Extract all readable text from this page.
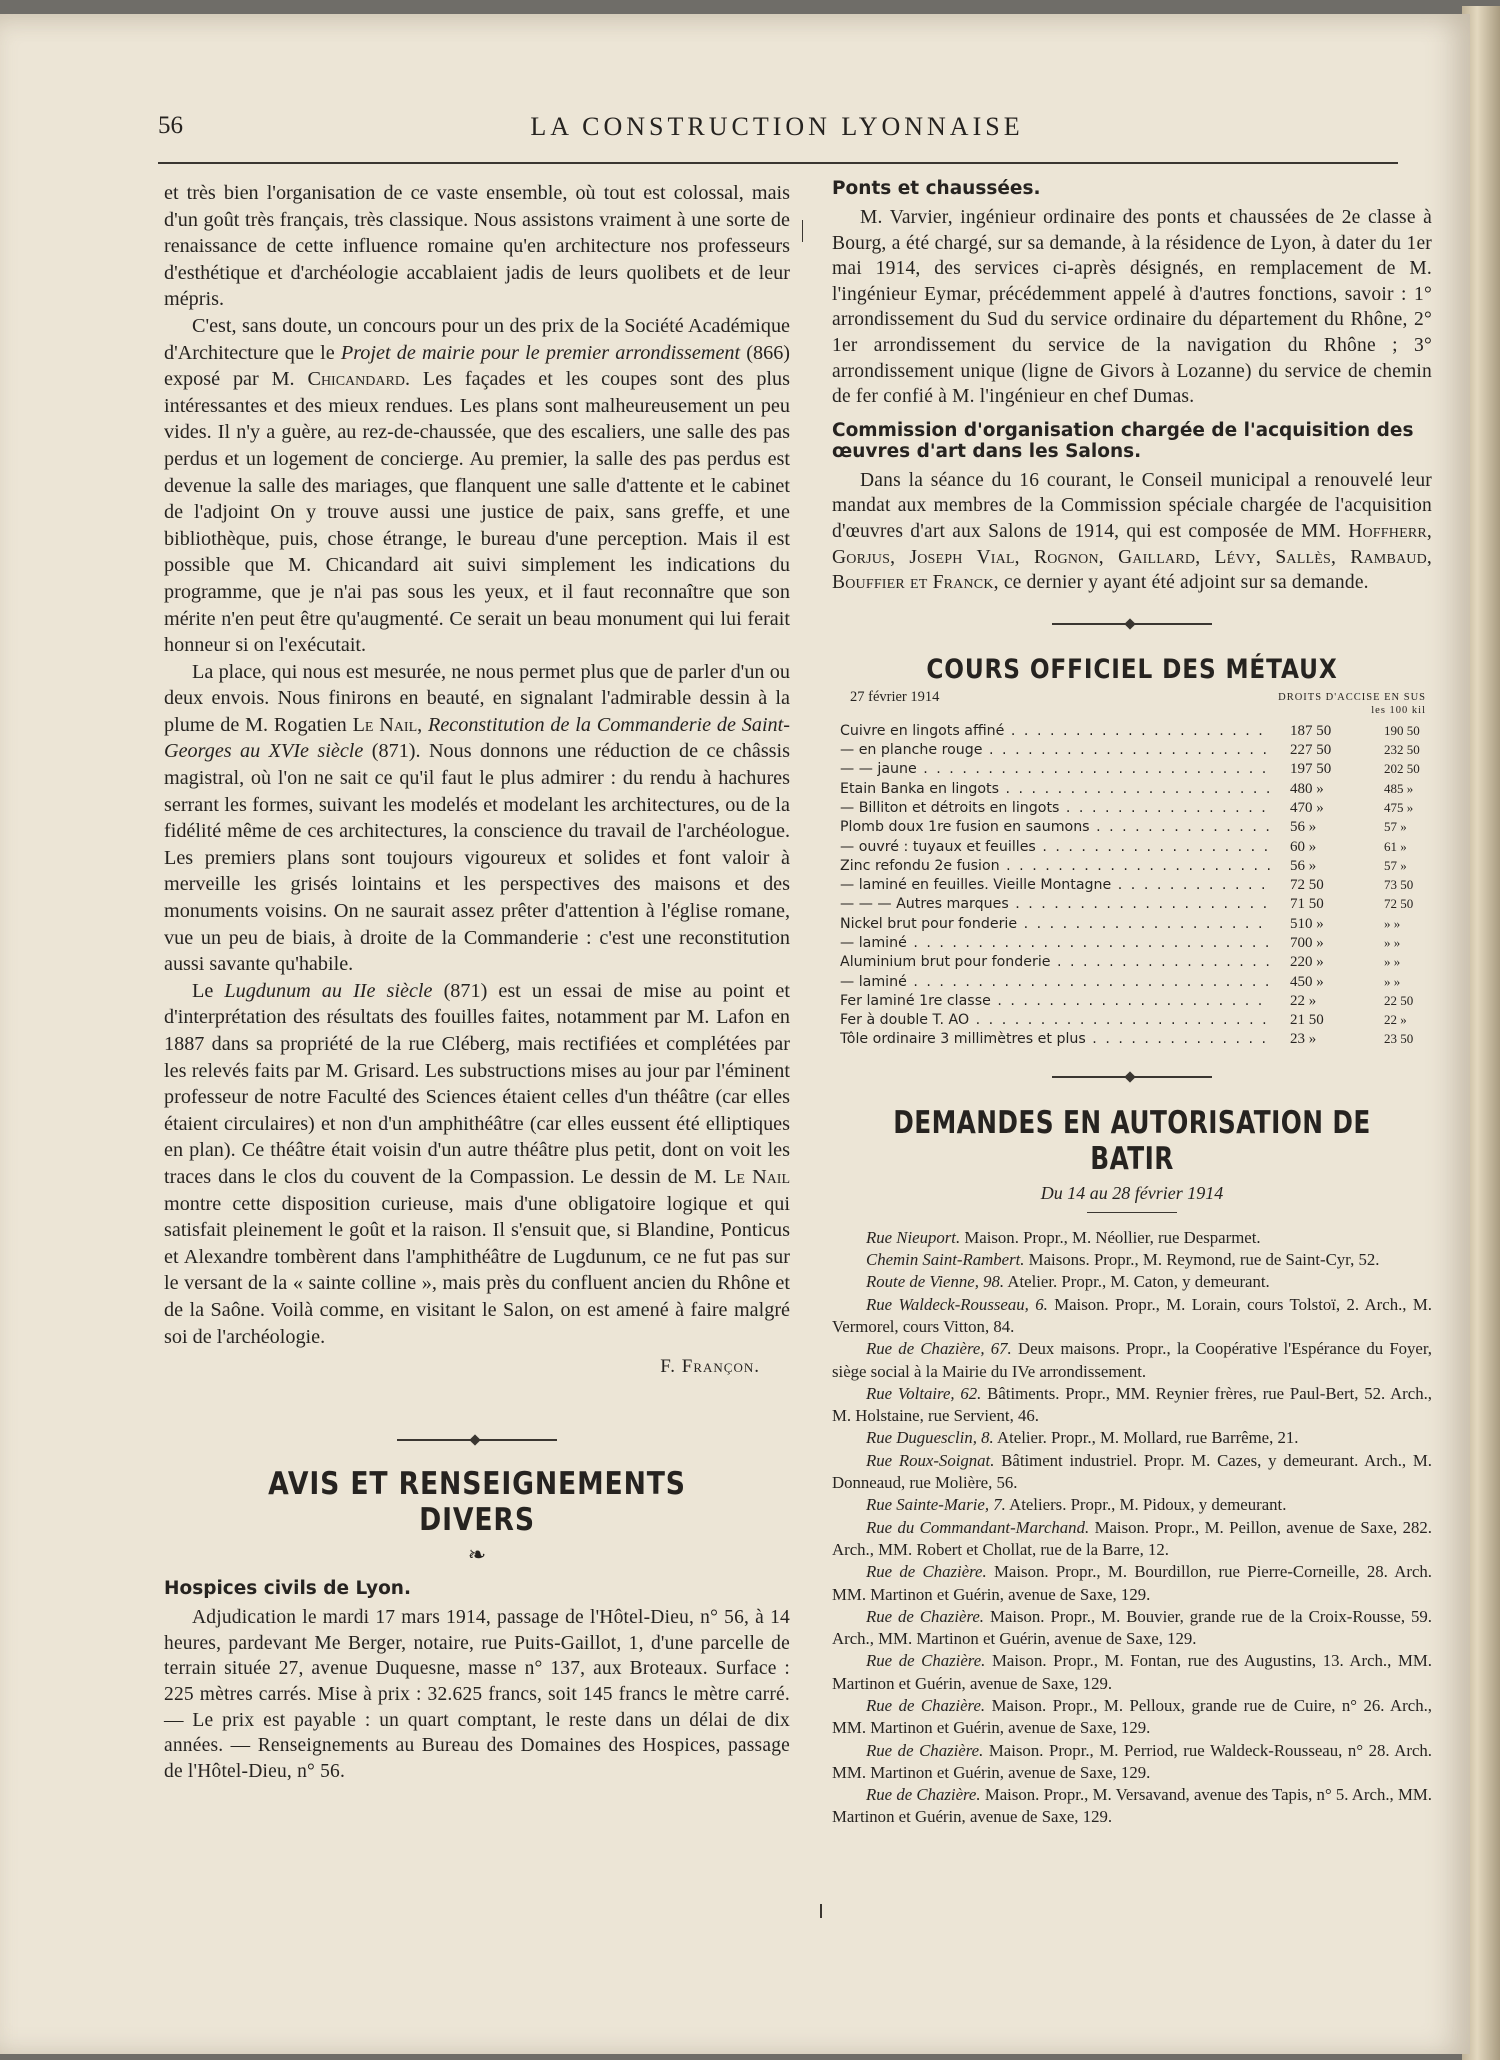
56	LA CONSTRUCTION LYONNAISE
et très bien l'organisation de ce vaste ensemble, où tout est colossal, mais d'un goût très français, très classique. Nous assistons vraiment à une sorte de renaissance de cette influence romaine qu'en architecture nos professeurs d'esthétique et d'archéologie accablaient jadis de leurs quolibets et de leur mépris.
C'est, sans doute, un concours pour un des prix de la Société Académique d'Architecture que le Projet de mairie pour le premier arrondissement (866) exposé par M. Chicandard. Les façades et les coupes sont des plus intéressantes et des mieux rendues. Les plans sont malheureusement un peu vides. Il n'y a guère, au rez-de-chaussée, que des escaliers, une salle des pas perdus et un logement de concierge. Au premier, la salle des pas perdus est devenue la salle des mariages, que flanquent une salle d'attente et le cabinet de l'adjoint On y trouve aussi une justice de paix, sans greffe, et une bibliothèque, puis, chose étrange, le bureau d'une perception. Mais il est possible que M. Chicandard ait suivi simplement les indications du programme, que je n'ai pas sous les yeux, et il faut reconnaître que son mérite n'en peut être qu'augmenté. Ce serait un beau monument qui lui ferait honneur si on l'exécutait.
La place, qui nous est mesurée, ne nous permet plus que de parler d'un ou deux envois. Nous finirons en beauté, en signalant l'admirable dessin à la plume de M. Rogatien Le Nail, Reconstitution de la Commanderie de Saint-Georges au XVIe siècle (871). Nous donnons une réduction de ce châssis magistral, où l'on ne sait ce qu'il faut le plus admirer : du rendu à hachures serrant les formes, suivant les modelés et modelant les architectures, ou de la fidélité même de ces architectures, la conscience du travail de l'archéologue. Les premiers plans sont toujours vigoureux et solides et font valoir à merveille les grisés lointains et les perspectives des maisons et des monuments voisins. On ne saurait assez prêter d'attention à l'église romane, vue un peu de biais, à droite de la Commanderie : c'est une reconstitution aussi savante qu'habile.
Le Lugdunum au IIe siècle (871) est un essai de mise au point et d'interprétation des résultats des fouilles faites, notamment par M. Lafon en 1887 dans sa propriété de la rue Cléberg, mais rectifiées et complétées par les relevés faits par M. Grisard. Les substructions mises au jour par l'éminent professeur de notre Faculté des Sciences étaient celles d'un théâtre (car elles étaient circulaires) et non d'un amphithéâtre (car elles eussent été elliptiques en plan). Ce théâtre était voisin d'un autre théâtre plus petit, dont on voit les traces dans le clos du couvent de la Compassion. Le dessin de M. Le Nail montre cette disposition curieuse, mais d'une obligatoire logique et qui satisfait pleinement le goût et la raison. Il s'ensuit que, si Blandine, Ponticus et Alexandre tombèrent dans l'amphithéâtre de Lugdunum, ce ne fut pas sur le versant de la « sainte colline », mais près du confluent ancien du Rhône et de la Saône. Voilà comme, en visitant le Salon, on est amené à faire malgré soi de l'archéologie.
F. Françon.
AVIS ET RENSEIGNEMENTS DIVERS
❧
Hospices civils de Lyon.
Adjudication le mardi 17 mars 1914, passage de l'Hôtel-Dieu, n° 56, à 14 heures, pardevant Me Berger, notaire, rue Puits-Gaillot, 1, d'une parcelle de terrain située 27, avenue Duquesne, masse n° 137, aux Broteaux. Surface : 225 mètres carrés. Mise à prix : 32.625 francs, soit 145 francs le mètre carré. — Le prix est payable : un quart comptant, le reste dans un délai de dix années. — Renseignements au Bureau des Domaines des Hospices, passage de l'Hôtel-Dieu, n° 56.
Ponts et chaussées.
M. Varvier, ingénieur ordinaire des ponts et chaussées de 2e classe à Bourg, a été chargé, sur sa demande, à la résidence de Lyon, à dater du 1er mai 1914, des services ci-après désignés, en remplacement de M. l'ingénieur Eymar, précédemment appelé à d'autres fonctions, savoir : 1° arrondissement du Sud du service ordinaire du département du Rhône, 2° 1er arrondissement du service de la navigation du Rhône ; 3° arrondissement unique (ligne de Givors à Lozanne) du service de chemin de fer confié à M. l'ingénieur en chef Dumas.
Commission d'organisation chargée de l'acquisition des œuvres d'art dans les Salons.
Dans la séance du 16 courant, le Conseil municipal a renouvelé leur mandat aux membres de la Commission spéciale chargée de l'acquisition d'œuvres d'art aux Salons de 1914, qui est composée de MM. Hoffherr, Gorjus, Joseph Vial, Rognon, Gaillard, Lévy, Sallès, Rambaud, Bouffier et Franck, ce dernier y ayant été adjoint sur sa demande.
COURS OFFICIEL DES MÉTAUX
27 février 1914	DROITS D'ACCISE EN SUS
les 100 kil
Cuivre en lingots affiné . . .	187 50	190 50
— en planche rouge . . .	227 50	232 50
— — jaune . . .	197 50	202 50
Etain Banka en lingots . . .	480 »	485 »
— Billiton et détroits en lingots . . .	470 »	475 »
Plomb doux 1re fusion en saumons . . .	56 »	57 »
— ouvré : tuyaux et feuilles . . .	60 »	61 »
Zinc refondu 2e fusion . . .	56 »	57 »
— laminé en feuilles. Vieille Montagne . . .	72 50	73 50
— — — Autres marques . . .	71 50	72 50
Nickel brut pour fonderie . . .	510 »	» »
— laminé . . .	700 »	» »
Aluminium brut pour fonderie . . .	220 »	» »
— laminé . . .	450 »	» »
Fer laminé 1re classe . . .	22 »	22 50
Fer à double T. AO . . .	21 50	22 »
Tôle ordinaire 3 millimètres et plus . . .	23 »	23 50
DEMANDES EN AUTORISATION DE BATIR
Du 14 au 28 février 1914

Rue Nieuport. Maison. Propr., M. Néollier, rue Desparmet.

Chemin Saint-Rambert. Maisons. Propr., M. Reymond, rue de Saint-Cyr, 52.

Route de Vienne, 98. Atelier. Propr., M. Caton, y demeurant.

Rue Waldeck-Rousseau, 6. Maison. Propr., M. Lorain, cours Tolstoï, 2. Arch., M. Vermorel, cours Vitton, 84.

Rue de Chazière, 67. Deux maisons. Propr., la Coopérative l'Espérance du Foyer, siège social à la Mairie du IVe arrondissement.

Rue Voltaire, 62. Bâtiments. Propr., MM. Reynier frères, rue Paul-Bert, 52. Arch., M. Holstaine, rue Servient, 46.

Rue Duguesclin, 8. Atelier. Propr., M. Mollard, rue Barrême, 21.

Rue Roux-Soignat. Bâtiment industriel. Propr. M. Cazes, y demeurant. Arch., M. Donneaud, rue Molière, 56.

Rue Sainte-Marie, 7. Ateliers. Propr., M. Pidoux, y demeurant.

Rue du Commandant-Marchand. Maison. Propr., M. Peillon, avenue de Saxe, 282. Arch., MM. Robert et Chollat, rue de la Barre, 12.

Rue de Chazière. Maison. Propr., M. Bourdillon, rue Pierre-Corneille, 28. Arch. MM. Martinon et Guérin, avenue de Saxe, 129.

Rue de Chazière. Maison. Propr., M. Bouvier, grande rue de la Croix-Rousse, 59. Arch., MM. Martinon et Guérin, avenue de Saxe, 129.

Rue de Chazière. Maison. Propr., M. Fontan, rue des Augustins, 13. Arch., MM. Martinon et Guérin, avenue de Saxe, 129.

Rue de Chazière. Maison. Propr., M. Pelloux, grande rue de Cuire, n° 26. Arch., MM. Martinon et Guérin, avenue de Saxe, 129.

Rue de Chazière. Maison. Propr., M. Perriod, rue Waldeck-Rousseau, n° 28. Arch. MM. Martinon et Guérin, avenue de Saxe, 129.

Rue de Chazière. Maison. Propr., M. Versavand, avenue des Tapis, n° 5. Arch., MM. Martinon et Guérin, avenue de Saxe, 129.
